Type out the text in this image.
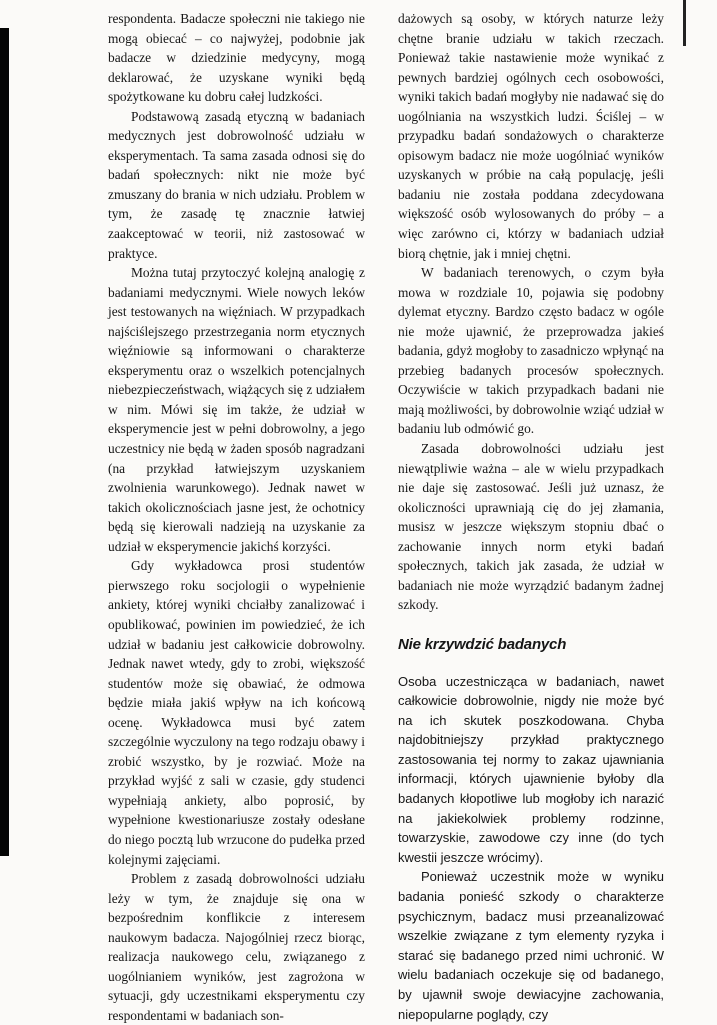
respondenta. Badacze społeczni nie takiego nie mogą obiecać – co najwyżej, podobnie jak badacze w dziedzinie medycyny, mogą deklarować, że uzyskane wyniki będą spożytkowane ku dobru całej ludzkości.

Podstawową zasadą etyczną w badaniach medycznych jest dobrowolność udziału w eksperymentach. Ta sama zasada odnosi się do badań społecznych: nikt nie może być zmuszany do brania w nich udziału. Problem w tym, że zasadę tę znacznie łatwiej zaakceptować w teorii, niż zastosować w praktyce.

Można tutaj przytoczyć kolejną analogię z badaniami medycznymi. Wiele nowych leków jest testowanych na więźniach. W przypadkach najściślejszego przestrzegania norm etycznych więźniowie są informowani o charakterze eksperymentu oraz o wszelkich potencjalnych niebezpieczeństwach, wiążących się z udziałem w nim. Mówi się im także, że udział w eksperymencie jest w pełni dobrowolny, a jego uczestnicy nie będą w żaden sposób nagradzani (na przykład łatwiejszym uzyskaniem zwolnienia warunkowego). Jednak nawet w takich okolicznościach jasne jest, że ochotnicy będą się kierowali nadzieją na uzyskanie za udział w eksperymencie jakichś korzyści.

Gdy wykładowca prosi studentów pierwszego roku socjologii o wypełnienie ankiety, której wyniki chciałby zanalizować i opublikować, powinien im powiedzieć, że ich udział w badaniu jest całkowicie dobrowolny. Jednak nawet wtedy, gdy to zrobi, większość studentów może się obawiać, że odmowa będzie miała jakiś wpływ na ich końcową ocenę. Wykładowca musi być zatem szczególnie wyczulony na tego rodzaju obawy i zrobić wszystko, by je rozwiać. Może na przykład wyjść z sali w czasie, gdy studenci wypełniają ankiety, albo poprosić, by wypełnione kwestionariusze zostały odesłane do niego pocztą lub wrzucone do pudełka przed kolejnymi zajęciami.

Problem z zasadą dobrowolności udziału leży w tym, że znajduje się ona w bezpośrednim konflikcie z interesem naukowym badacza. Najogólniej rzecz biorąc, realizacja naukowego celu, związanego z uogólnianiem wyników, jest zagrożona w sytuacji, gdy uczestnikami eksperymentu czy respondentami w badaniach son-

dażowych są osoby, w których naturze leży chętne branie udziału w takich rzeczach. Ponieważ takie nastawienie może wynikać z pewnych bardziej ogólnych cech osobowości, wyniki takich badań mogłyby nie nadawać się do uogólniania na wszystkich ludzi. Ściślej – w przypadku badań sondażowych o charakterze opisowym badacz nie może uogólniać wyników uzyskanych w próbie na całą populację, jeśli badaniu nie została poddana zdecydowana większość osób wylosowanych do próby – a więc zarówno ci, którzy w badaniach udział biorą chętnie, jak i mniej chętni.

W badaniach terenowych, o czym była mowa w rozdziale 10, pojawia się podobny dylemat etyczny. Bardzo często badacz w ogóle nie może ujawnić, że przeprowadza jakieś badania, gdyż mogłoby to zasadniczo wpłynąć na przebieg badanych procesów społecznych. Oczywiście w takich przypadkach badani nie mają możliwości, by dobrowolnie wziąć udział w badaniu lub odmówić go.

Zasada dobrowolności udziału jest niewątpliwie ważna – ale w wielu przypadkach nie daje się zastosować. Jeśli już uznasz, że okoliczności uprawniają cię do jej złamania, musisz w jeszcze większym stopniu dbać o zachowanie innych norm etyki badań społecznych, takich jak zasada, że udział w badaniach nie może wyrządzić badanym żadnej szkody.

Nie krzywdzić badanych

Osoba uczestnicząca w badaniach, nawet całkowicie dobrowolnie, nigdy nie może być na ich skutek poszkodowana. Chyba najdobitniejszy przykład praktycznego zastosowania tej normy to zakaz ujawniania informacji, których ujawnienie byłoby dla badanych kłopotliwe lub mogłoby ich narazić na jakiekolwiek problemy rodzinne, towarzyskie, zawodowe czy inne (do tych kwestii jeszcze wrócimy).

Ponieważ uczestnik może w wyniku badania ponieść szkody o charakterze psychicznym, badacz musi przeanalizować wszelkie związane z tym elementy ryzyka i starać się badanego przed nimi uchronić. W wielu badaniach oczekuje się od badanego, by ujawnił swoje dewiacyjne zachowania, niepopularne poglądy, czy
